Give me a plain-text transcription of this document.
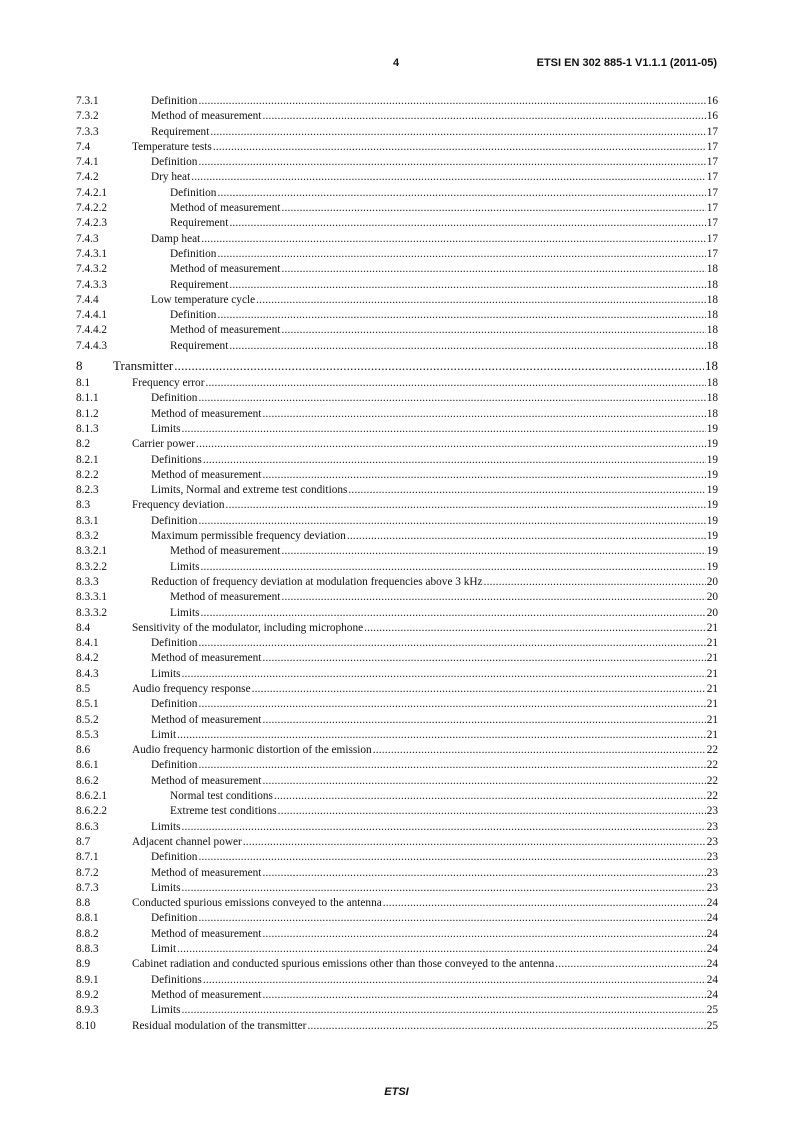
4	ETSI EN 302 885-1 V1.1.1 (2011-05)
7.3.1	Definition .....	16
7.3.2	Method of measurement .....	16
7.3.3	Requirement .....	17
7.4	Temperature tests .....	17
7.4.1	Definition .....	17
7.4.2	Dry heat .....	17
7.4.2.1	Definition .....	17
7.4.2.2	Method of measurement .....	17
7.4.2.3	Requirement .....	17
7.4.3	Damp heat .....	17
7.4.3.1	Definition .....	17
7.4.3.2	Method of measurement .....	18
7.4.3.3	Requirement .....	18
7.4.4	Low temperature cycle .....	18
7.4.4.1	Definition .....	18
7.4.4.2	Method of measurement .....	18
7.4.4.3	Requirement .....	18
8 Transmitter .....	18
8.1	Frequency error .....	18
8.1.1	Definition .....	18
8.1.2	Method of measurement .....	18
8.1.3	Limits .....	19
8.2	Carrier power .....	19
8.2.1	Definitions .....	19
8.2.2	Method of measurement .....	19
8.2.3	Limits, Normal and extreme test conditions .....	19
8.3	Frequency deviation .....	19
8.3.1	Definition .....	19
8.3.2	Maximum permissible frequency deviation .....	19
8.3.2.1	Method of measurement .....	19
8.3.2.2	Limits .....	19
8.3.3	Reduction of frequency deviation at modulation frequencies above 3 kHz .....	20
8.3.3.1	Method of measurement .....	20
8.3.3.2	Limits .....	20
8.4	Sensitivity of the modulator, including microphone .....	21
8.4.1	Definition .....	21
8.4.2	Method of measurement .....	21
8.4.3	Limits .....	21
8.5	Audio frequency response .....	21
8.5.1	Definition .....	21
8.5.2	Method of measurement .....	21
8.5.3	Limit .....	21
8.6	Audio frequency harmonic distortion of the emission .....	22
8.6.1	Definition .....	22
8.6.2	Method of measurement .....	22
8.6.2.1	Normal test conditions .....	22
8.6.2.2	Extreme test conditions .....	23
8.6.3	Limits .....	23
8.7	Adjacent channel power .....	23
8.7.1	Definition .....	23
8.7.2	Method of measurement .....	23
8.7.3	Limits .....	23
8.8	Conducted spurious emissions conveyed to the antenna .....	24
8.8.1	Definition .....	24
8.8.2	Method of measurement .....	24
8.8.3	Limit .....	24
8.9	Cabinet radiation and conducted spurious emissions other than those conveyed to the antenna .....	24
8.9.1	Definitions .....	24
8.9.2	Method of measurement .....	24
8.9.3	Limits .....	25
8.10	Residual modulation of the transmitter .....	25
ETSI
